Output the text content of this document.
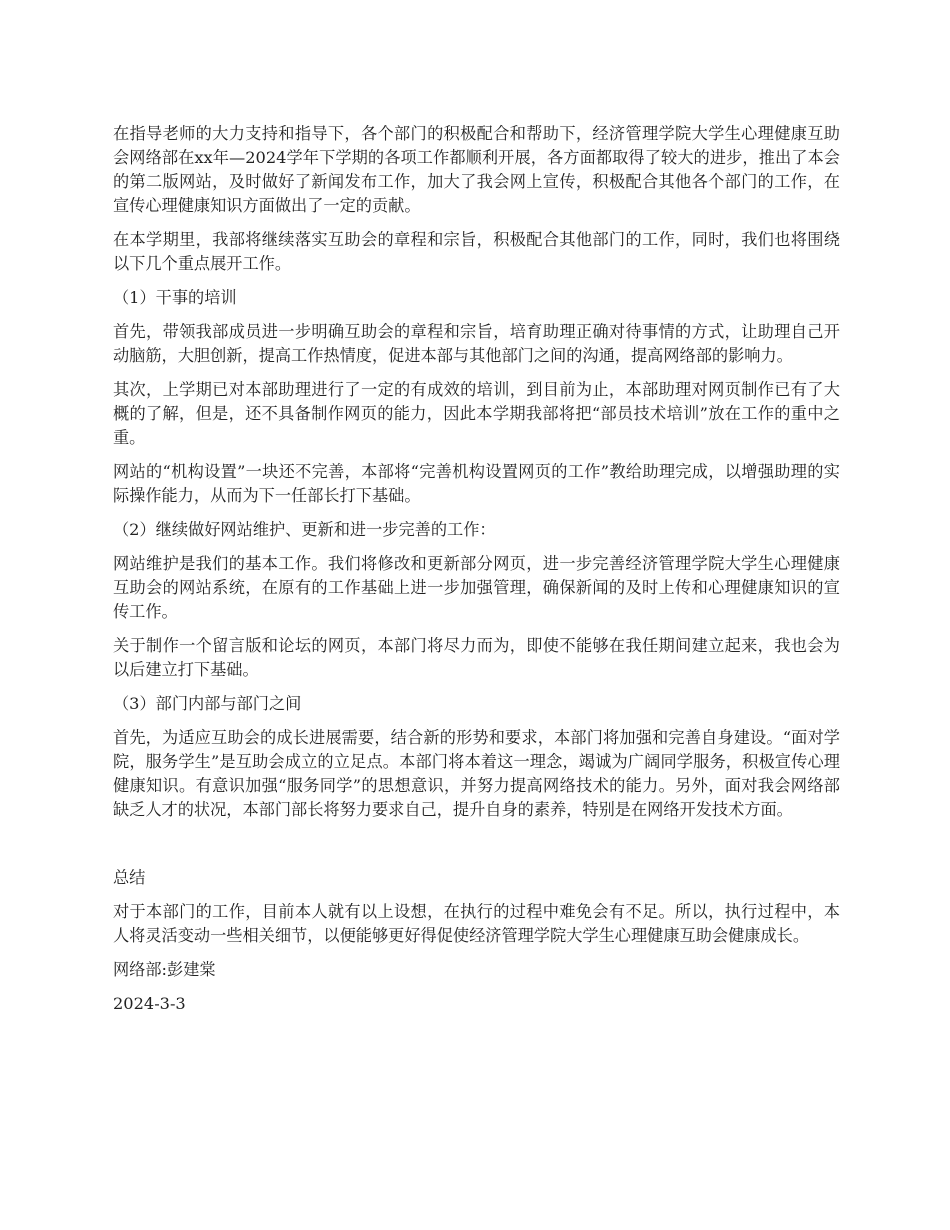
在指导老师的大力支持和指导下，各个部门的积极配合和帮助下，经济管理学院大学生心理健康互助会网络部在xx年—2024学年下学期的各项工作都顺利开展，各方面都取得了较大的进步，推出了本会的第二版网站，及时做好了新闻发布工作，加大了我会网上宣传，积极配合其他各个部门的工作，在宣传心理健康知识方面做出了一定的贡献。

在本学期里，我部将继续落实互助会的章程和宗旨，积极配合其他部门的工作，同时，我们也将围绕以下几个重点展开工作。

（1）干事的培训

首先，带领我部成员进一步明确互助会的章程和宗旨，培育助理正确对待事情的方式，让助理自己开动脑筋，大胆创新，提高工作热情度，促进本部与其他部门之间的沟通，提高网络部的影响力。

其次，上学期已对本部助理进行了一定的有成效的培训，到目前为止，本部助理对网页制作已有了大概的了解，但是，还不具备制作网页的能力，因此本学期我部将把“部员技术培训”放在工作的重中之重。

网站的“机构设置”一块还不完善，本部将“完善机构设置网页的工作”教给助理完成，以增强助理的实际操作能力，从而为下一任部长打下基础。

（2）继续做好网站维护、更新和进一步完善的工作：

网站维护是我们的基本工作。我们将修改和更新部分网页，进一步完善经济管理学院大学生心理健康互助会的网站系统，在原有的工作基础上进一步加强管理，确保新闻的及时上传和心理健康知识的宣传工作。

关于制作一个留言版和论坛的网页，本部门将尽力而为，即使不能够在我任期间建立起来，我也会为以后建立打下基础。

（3）部门内部与部门之间

首先，为适应互助会的成长进展需要，结合新的形势和要求，本部门将加强和完善自身建设。“面对学院，服务学生”是互助会成立的立足点。本部门将本着这一理念，竭诚为广阔同学服务，积极宣传心理健康知识。有意识加强“服务同学”的思想意识，并努力提高网络技术的能力。另外，面对我会网络部缺乏人才的状况，本部门部长将努力要求自己，提升自身的素养，特别是在网络开发技术方面。

总结

对于本部门的工作，目前本人就有以上设想，在执行的过程中难免会有不足。所以，执行过程中，本人将灵活变动一些相关细节，以便能够更好得促使经济管理学院大学生心理健康互助会健康成长。

网络部:彭建棠

2024-3-3
